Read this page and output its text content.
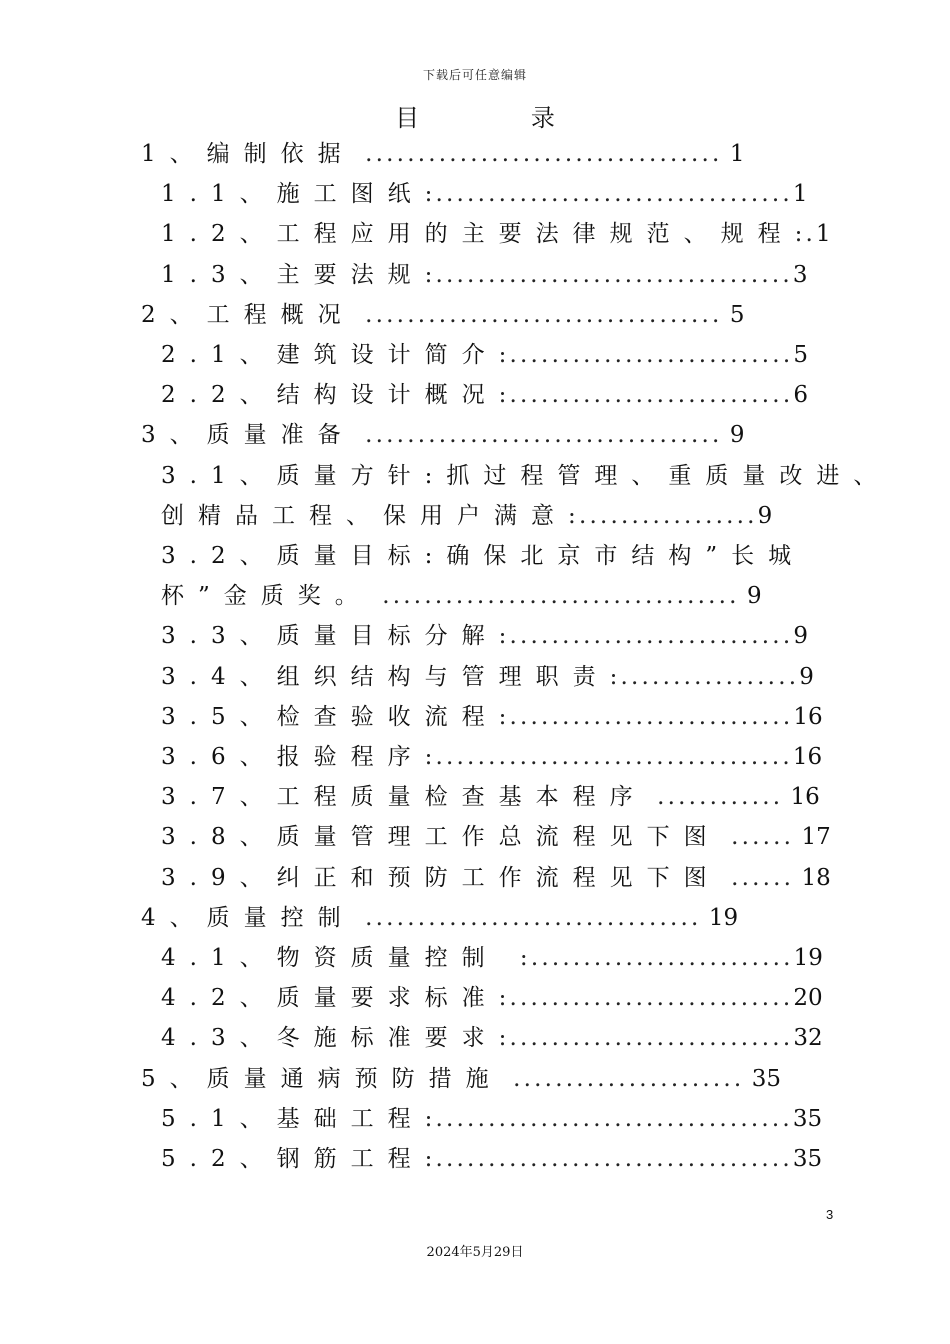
下载后可任意编辑
目	录
1、编制依据 .................................. 1
1.1、施工图纸:..................................1
1.2、工程应用的主要法律规范、规程:.1
1.3、主要法规:..................................3
2、工程概况 .................................. 5
2.1、建筑设计简介:...........................5
2.2、结构设计概况:...........................6
3、质量准备 .................................. 9
3.1、质量方针:抓过程管理、重质量改进、
创精品工程、保用户满意:.................9
3.2、质量目标:确保北京市结构”长城
杯”金质奖。 .................................. 9
3.3、质量目标分解:...........................9
3.4、组织结构与管理职责:.................9
3.5、检查验收流程:...........................16
3.6、报验程序:..................................16
3.7、工程质量检查基本程序 ............ 16
3.8、质量管理工作总流程见下图 ...... 17
3.9、纠正和预防工作流程见下图 ...... 18
4、质量控制 ................................ 19
4.1、物资质量控制 :.........................19
4.2、质量要求标准:...........................20
4.3、冬施标准要求:...........................32
5、质量通病预防措施 ...................... 35
5.1、基础工程:..................................35
5.2、钢筋工程:..................................35
3
2024年5月29日
